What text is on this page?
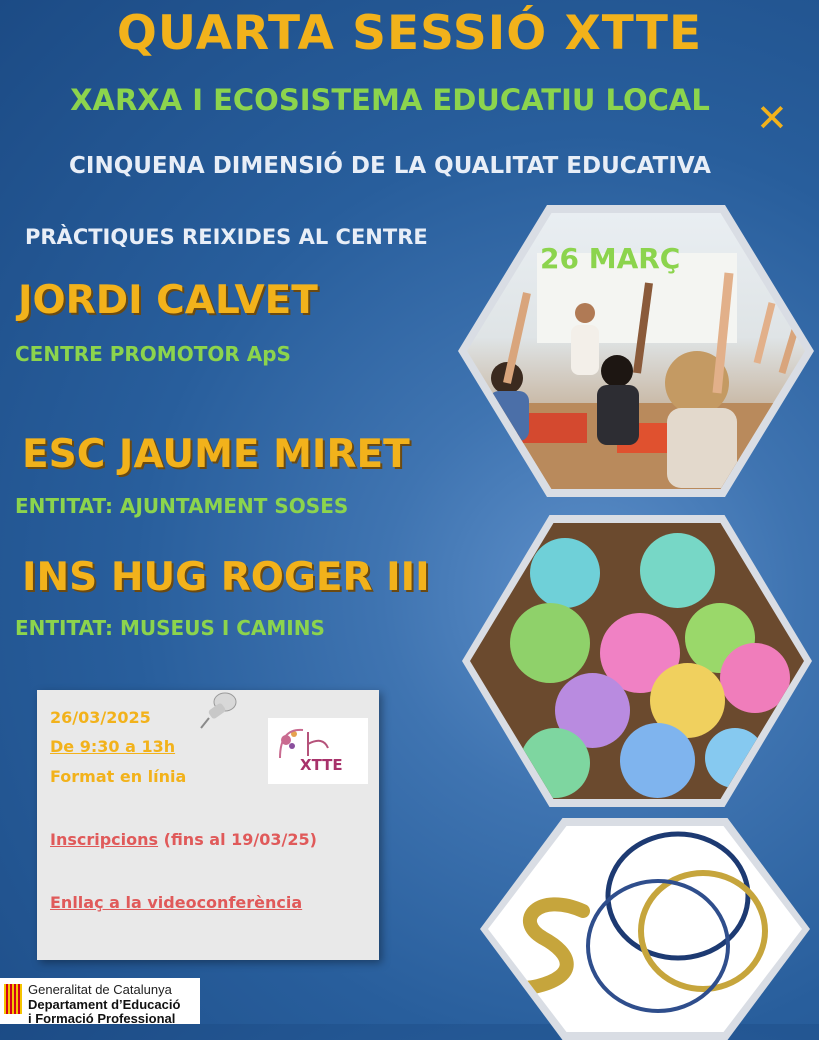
QUARTA SESSIÓ XTTE
XARXA I ECOSISTEMA EDUCATIU LOCAL ✕
CINQUENA DIMENSIÓ DE LA QUALITAT EDUCATIVA
PRÀCTIQUES REIXIDES AL CENTRE
JORDI CALVET
CENTRE PROMOTOR ApS
ESC JAUME MIRET
ENTITAT: AJUNTAMENT SOSES
INS HUG ROGER III
ENTITAT: MUSEUS I CAMINS
26 MARÇ
26/03/2025
De 9:30 a 13h
Format en línia
Inscripcions (fins al 19/03/25)
Enllaç a la videoconferència
XTTE
Generalitat de Catalunya
Departament d’Educació
i Formació Professional
